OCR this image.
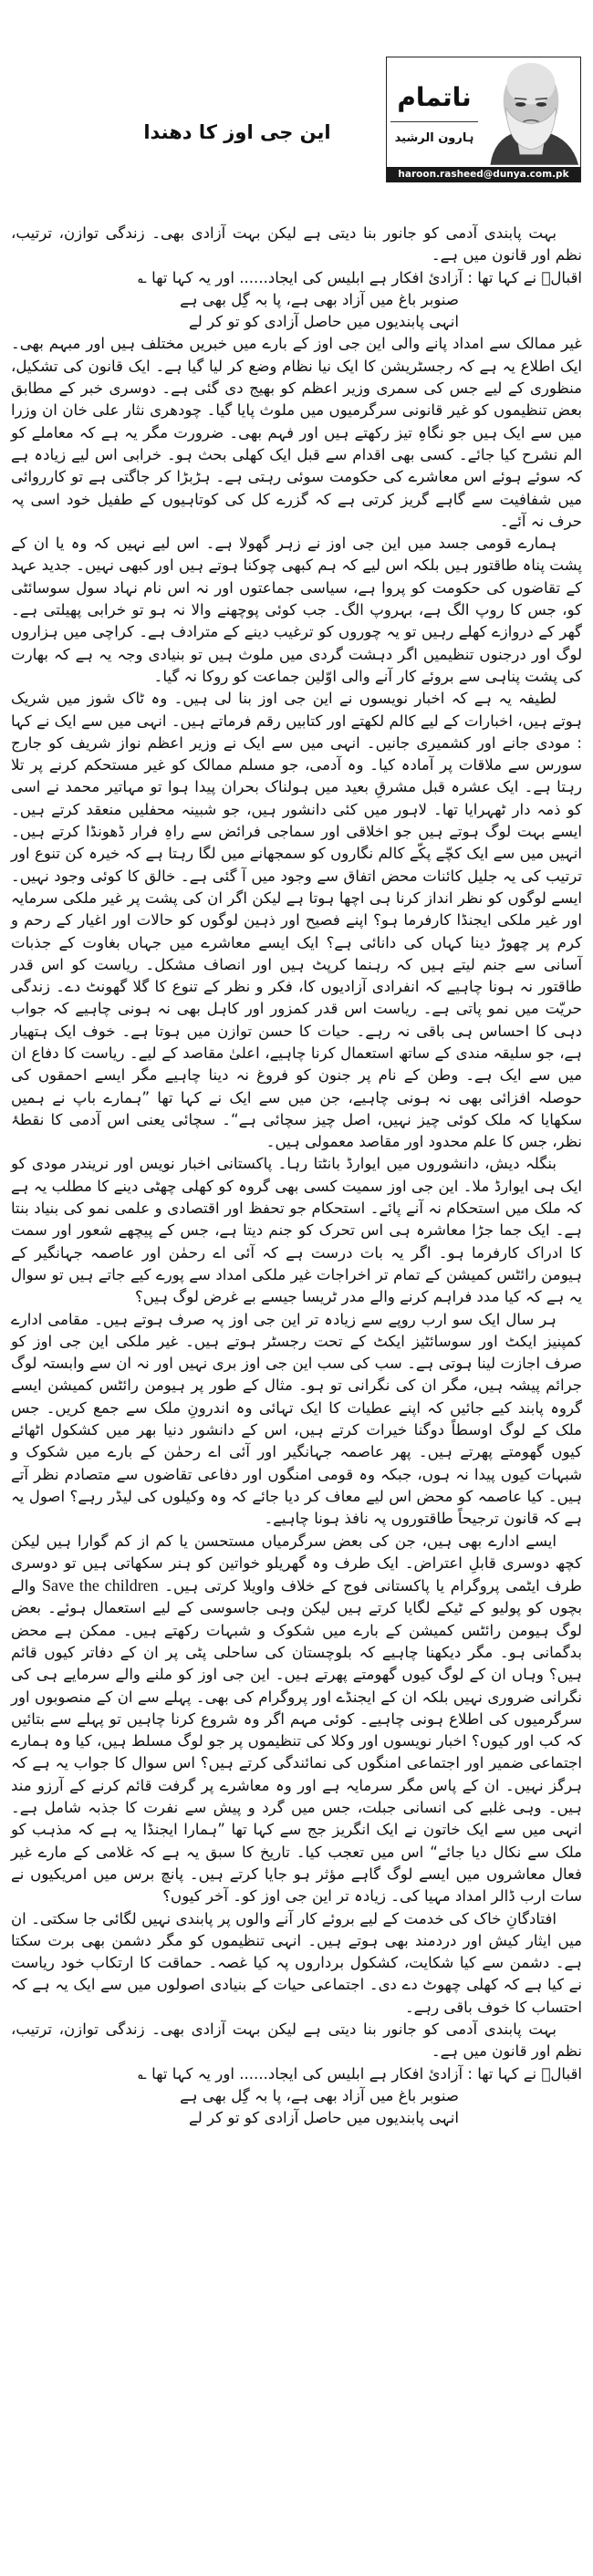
ناتمام
ہارون الرشید
haroon.rasheed@dunya.com.pk
این جی اوز کا دھندا

بہت پابندی آدمی کو جانور بنا دیتی ہے لیکن بہت آزادی بھی۔ زندگی توازن، ترتیب، نظم اور قانون میں ہے۔

اقبالؔ نے کہا تھا : آزادیٔ افکار ہے ابلیس کی ایجاد...... اور یہ کہا تھا ؎

صنوبر باغ میں آزاد بھی ہے، پا بہ گِل بھی ہے

انہی پابندیوں میں حاصل آزادی کو تو کر لے

غیر ممالک سے امداد پانے والی این جی اوز کے بارے میں خبریں مختلف ہیں اور مبہم بھی۔ ایک اطلاع یہ ہے کہ رجسٹریشن کا ایک نیا نظام وضع کر لیا گیا ہے۔ ایک قانون کی تشکیل، منظوری کے لیے جس کی سمری وزیر اعظم کو بھیج دی گئی ہے۔ دوسری خبر کے مطابق بعض تنظیموں کو غیر قانونی سرگرمیوں میں ملوث پایا گیا۔ چودھری نثار علی خان ان وزرا میں سے ایک ہیں جو نگاہِ تیز رکھتے ہیں اور فہم بھی۔ ضرورت مگر یہ ہے کہ معاملے کو الم نشرح کیا جائے۔ کسی بھی اقدام سے قبل ایک کھلی بحث ہو۔ خرابی اس لیے زیادہ ہے کہ سوئے ہوئے اس معاشرے کی حکومت سوئی رہتی ہے۔ ہڑبڑا کر جاگتی ہے تو کارروائی میں شفافیت سے گاہے گریز کرتی ہے کہ گزرے کل کی کوتاہیوں کے طفیل خود اسی پہ حرف نہ آئے۔

ہمارے قومی جسد میں این جی اوز نے زہر گھولا ہے۔ اس لیے نہیں کہ وہ یا ان کے پشت پناہ طاقتور ہیں بلکہ اس لیے کہ ہم کبھی چوکنا ہوتے ہیں اور کبھی نہیں۔ جدید عہد کے تقاضوں کی حکومت کو پروا ہے، سیاسی جماعتوں اور نہ اس نام نہاد سول سوسائٹی کو، جس کا روپ الگ ہے، بہروپ الگ۔ جب کوئی پوچھنے والا نہ ہو تو خرابی پھیلتی ہے۔ گھر کے دروازے کھلے رہیں تو یہ چوروں کو ترغیب دینے کے مترادف ہے۔ کراچی میں ہزاروں لوگ اور درجنوں تنظیمیں اگر دہشت گردی میں ملوث ہیں تو بنیادی وجہ یہ ہے کہ بھارت کی پشت پناہی سے بروئے کار آنے والی اوّلین جماعت کو روکا نہ گیا۔

لطیفہ یہ ہے کہ اخبار نویسوں نے این جی اوز بنا لی ہیں۔ وہ ٹاک شوز میں شریک ہوتے ہیں، اخبارات کے لیے کالم لکھتے اور کتابیں رقم فرماتے ہیں۔ انہی میں سے ایک نے کہا : مودی جانے اور کشمیری جانیں۔ انہی میں سے ایک نے وزیر اعظم نواز شریف کو جارج سورس سے ملاقات پر آمادہ کیا۔ وہ آدمی، جو مسلم ممالک کو غیر مستحکم کرنے پر تلا رہتا ہے۔ ایک عشرہ قبل مشرقِ بعید میں ہولناک بحران پیدا ہوا تو مہاتیر محمد نے اسی کو ذمہ دار ٹھہرایا تھا۔ لاہور میں کئی دانشور ہیں، جو شبینہ محفلیں منعقد کرتے ہیں۔ ایسے بہت لوگ ہوتے ہیں جو اخلاقی اور سماجی فرائض سے راہِ فرار ڈھونڈا کرتے ہیں۔ انہیں میں سے ایک کچّے پکّے کالم نگاروں کو سمجھانے میں لگا رہتا ہے کہ خیرہ کن تنوع اور ترتیب کی یہ جلیل کائنات محض اتفاق سے وجود میں آ گئی ہے۔ خالق کا کوئی وجود نہیں۔ ایسے لوگوں کو نظر انداز کرنا ہی اچھا ہوتا ہے لیکن اگر ان کی پشت پر غیر ملکی سرمایہ اور غیر ملکی ایجنڈا کارفرما ہو؟ اپنے فصیح اور ذہین لوگوں کو حالات اور اغیار کے رحم و کرم پر چھوڑ دینا کہاں کی دانائی ہے؟ ایک ایسے معاشرے میں جہاں بغاوت کے جذبات آسانی سے جنم لیتے ہیں کہ رہنما کرپٹ ہیں اور انصاف مشکل۔ ریاست کو اس قدر طاقتور نہ ہونا چاہیے کہ انفرادی آزادیوں کا، فکر و نظر کے تنوع کا گلا گھونٹ دے۔ زندگی حریّت میں نمو پاتی ہے۔ ریاست اس قدر کمزور اور کاہل بھی نہ ہونی چاہیے کہ جواب دہی کا احساس ہی باقی نہ رہے۔ حیات کا حسن توازن میں ہوتا ہے۔ خوف ایک ہتھیار ہے، جو سلیقہ مندی کے ساتھ استعمال کرنا چاہیے، اعلیٰ مقاصد کے لیے۔ ریاست کا دفاع ان میں سے ایک ہے۔ وطن کے نام پر جنون کو فروغ نہ دینا چاہیے مگر ایسے احمقوں کی حوصلہ افزائی بھی نہ ہونی چاہیے، جن میں سے ایک نے کہا تھا ”ہمارے باپ نے ہمیں سکھایا کہ ملک کوئی چیز نہیں، اصل چیز سچائی ہے“۔ سچائی یعنی اس آدمی کا نقطۂ نظر، جس کا علم محدود اور مقاصد معمولی ہیں۔

بنگلہ دیش، دانشوروں میں ایوارڈ بانٹتا رہا۔ پاکستانی اخبار نویس اور نریندر مودی کو ایک ہی ایوارڈ ملا۔ این جی اوز سمیت کسی بھی گروہ کو کھلی چھٹی دینے کا مطلب یہ ہے کہ ملک میں استحکام نہ آنے پائے۔ استحکام جو تحفظ اور اقتصادی و علمی نمو کی بنیاد بنتا ہے۔ ایک جما جڑا معاشرہ ہی اس تحرک کو جنم دیتا ہے، جس کے پیچھے شعور اور سمت کا ادراک کارفرما ہو۔ اگر یہ بات درست ہے کہ آئی اے رحمٰن اور عاصمہ جہانگیر کے ہیومن رائٹس کمیشن کے تمام تر اخراجات غیر ملکی امداد سے پورے کیے جاتے ہیں تو سوال یہ ہے کہ کیا مدد فراہم کرنے والے مدر ٹریسا جیسے بے غرض لوگ ہیں؟

ہر سال ایک سو ارب روپے سے زیادہ تر این جی اوز پہ صرف ہوتے ہیں۔ مقامی ادارے کمپنیز ایکٹ اور سوسائٹیز ایکٹ کے تحت رجسٹر ہوتے ہیں۔ غیر ملکی این جی اوز کو صرف اجازت لینا ہوتی ہے۔ سب کی سب این جی اوز بری نہیں اور نہ ان سے وابستہ لوگ جرائم پیشہ ہیں، مگر ان کی نگرانی تو ہو۔ مثال کے طور پر ہیومن رائٹس کمیشن ایسے گروہ پابند کیے جائیں کہ اپنے عطیات کا ایک تہائی وہ اندرونِ ملک سے جمع کریں۔ جس ملک کے لوگ اوسطاً دوگنا خیرات کرتے ہیں، اس کے دانشور دنیا بھر میں کشکول اٹھائے کیوں گھومتے پھرتے ہیں۔ پھر عاصمہ جہانگیر اور آئی اے رحمٰن کے بارے میں شکوک و شبہات کیوں پیدا نہ ہوں، جبکہ وہ قومی امنگوں اور دفاعی تقاضوں سے متصادم نظر آتے ہیں۔ کیا عاصمہ کو محض اس لیے معاف کر دیا جائے کہ وہ وکیلوں کی لیڈر رہے؟ اصول یہ ہے کہ قانون ترجیحاً طاقتوروں پہ نافذ ہونا چاہیے۔

ایسے ادارے بھی ہیں، جن کی بعض سرگرمیاں مستحسن یا کم از کم گوارا ہیں لیکن کچھ دوسری قابلِ اعتراض۔ ایک طرف وہ گھریلو خواتین کو ہنر سکھاتی ہیں تو دوسری طرف ایٹمی پروگرام یا پاکستانی فوج کے خلاف واویلا کرتی ہیں۔ Save the children والے بچوں کو پولیو کے ٹیکے لگایا کرتے ہیں لیکن وہی جاسوسی کے لیے استعمال ہوئے۔ بعض لوگ ہیومن رائٹس کمیشن کے بارے میں شکوک و شبہات رکھتے ہیں۔ ممکن ہے محض بدگمانی ہو۔ مگر دیکھنا چاہیے کہ بلوچستان کی ساحلی پٹی پر ان کے دفاتر کیوں قائم ہیں؟ وہاں ان کے لوگ کیوں گھومتے پھرتے ہیں۔ این جی اوز کو ملنے والے سرمایے ہی کی نگرانی ضروری نہیں بلکہ ان کے ایجنڈے اور پروگرام کی بھی۔ پہلے سے ان کے منصوبوں اور سرگرمیوں کی اطلاع ہونی چاہیے۔ کوئی مہم اگر وہ شروع کرنا چاہیں تو پہلے سے بتائیں کہ کب اور کیوں؟ اخبار نویسوں اور وکلا کی تنظیموں پر جو لوگ مسلط ہیں، کیا وہ ہمارے اجتماعی ضمیر اور اجتماعی امنگوں کی نمائندگی کرتے ہیں؟ اس سوال کا جواب یہ ہے کہ ہرگز نہیں۔ ان کے پاس مگر سرمایہ ہے اور وہ معاشرے پر گرفت قائم کرنے کے آرزو مند ہیں۔ وہی غلبے کی انسانی جبلت، جس میں گرد و پیش سے نفرت کا جذبہ شامل ہے۔ انہی میں سے ایک خاتون نے ایک انگریز جج سے کہا تھا ”ہمارا ایجنڈا یہ ہے کہ مذہب کو ملک سے نکال دیا جائے“ اس میں تعجب کیا۔ تاریخ کا سبق یہ ہے کہ غلامی کے مارے غیر فعال معاشروں میں ایسے لوگ گاہے مؤثر ہو جایا کرتے ہیں۔ پانچ برس میں امریکیوں نے سات ارب ڈالر امداد مہیا کی۔ زیادہ تر این جی اوز کو۔ آخر کیوں؟

افتادگانِ خاک کی خدمت کے لیے بروئے کار آنے والوں پر پابندی نہیں لگائی جا سکتی۔ ان میں ایثار کیش اور دردمند بھی ہوتے ہیں۔ انہی تنظیموں کو مگر دشمن بھی برت سکتا ہے۔ دشمن سے کیا شکایت، کشکول برداروں پہ کیا غصہ۔ حماقت کا ارتکاب خود ریاست نے کیا ہے کہ کھلی چھوٹ دے دی۔ اجتماعی حیات کے بنیادی اصولوں میں سے ایک یہ ہے کہ احتساب کا خوف باقی رہے۔

بہت پابندی آدمی کو جانور بنا دیتی ہے لیکن بہت آزادی بھی۔ زندگی توازن، ترتیب، نظم اور قانون میں ہے۔

اقبالؔ نے کہا تھا : آزادیٔ افکار ہے ابلیس کی ایجاد...... اور یہ کہا تھا ؎

صنوبر باغ میں آزاد بھی ہے، پا بہ گِل بھی ہے

انہی پابندیوں میں حاصل آزادی کو تو کر لے
